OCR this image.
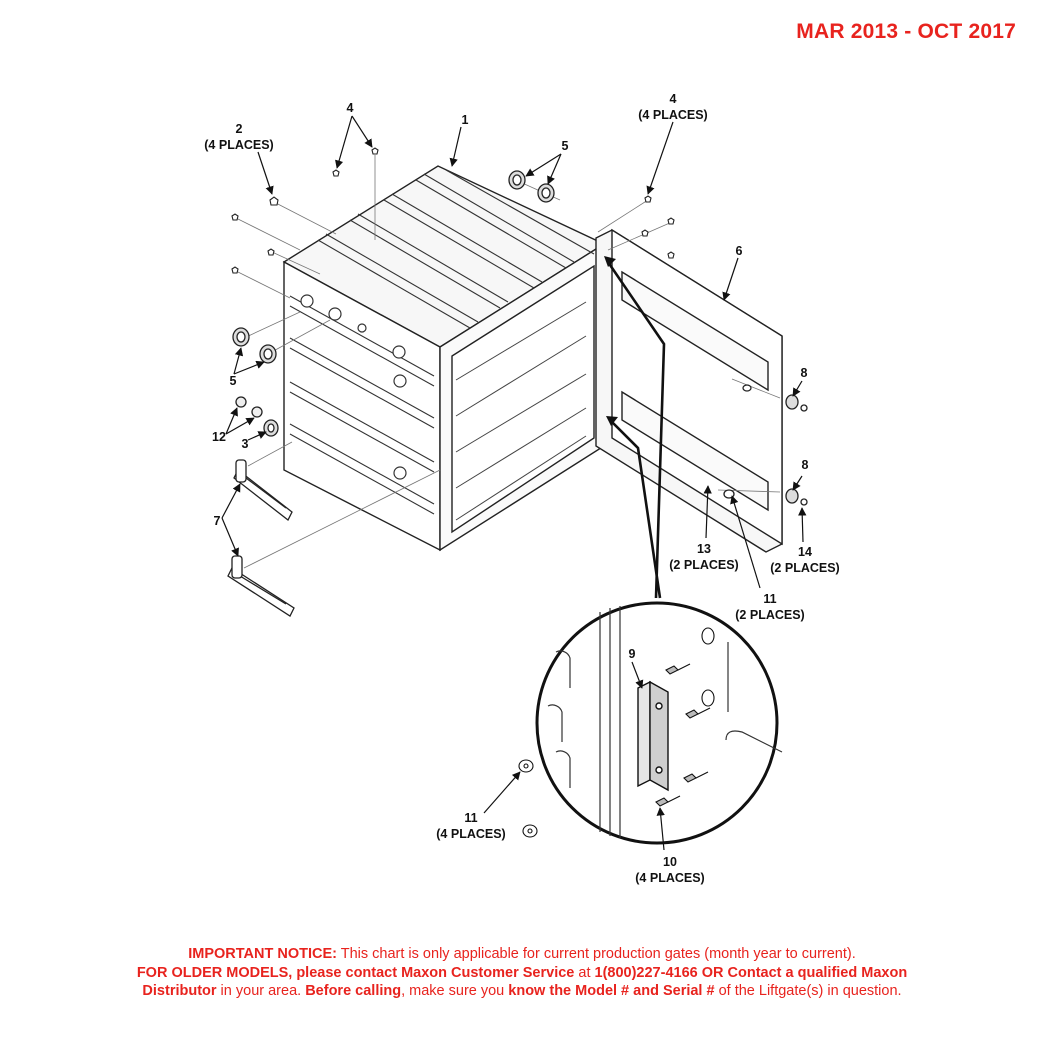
MAR 2013 - OCT 2017
1
2
(4 PLACES)
4
4
(4 PLACES)
5
6
5
12 3
7
8
8
13
(2 PLACES)
14
(2 PLACES)
11
(2 PLACES)
9
11
(4 PLACES)
10
(4 PLACES)
IMPORTANT NOTICE: This chart is only applicable for current production gates (month year to current).
FOR OLDER MODELS, please contact Maxon Customer Service at 1(800)227-4166 OR Contact a qualified Maxon
Distributor in your area. Before calling, make sure you know the Model # and Serial # of the Liftgate(s) in question.
